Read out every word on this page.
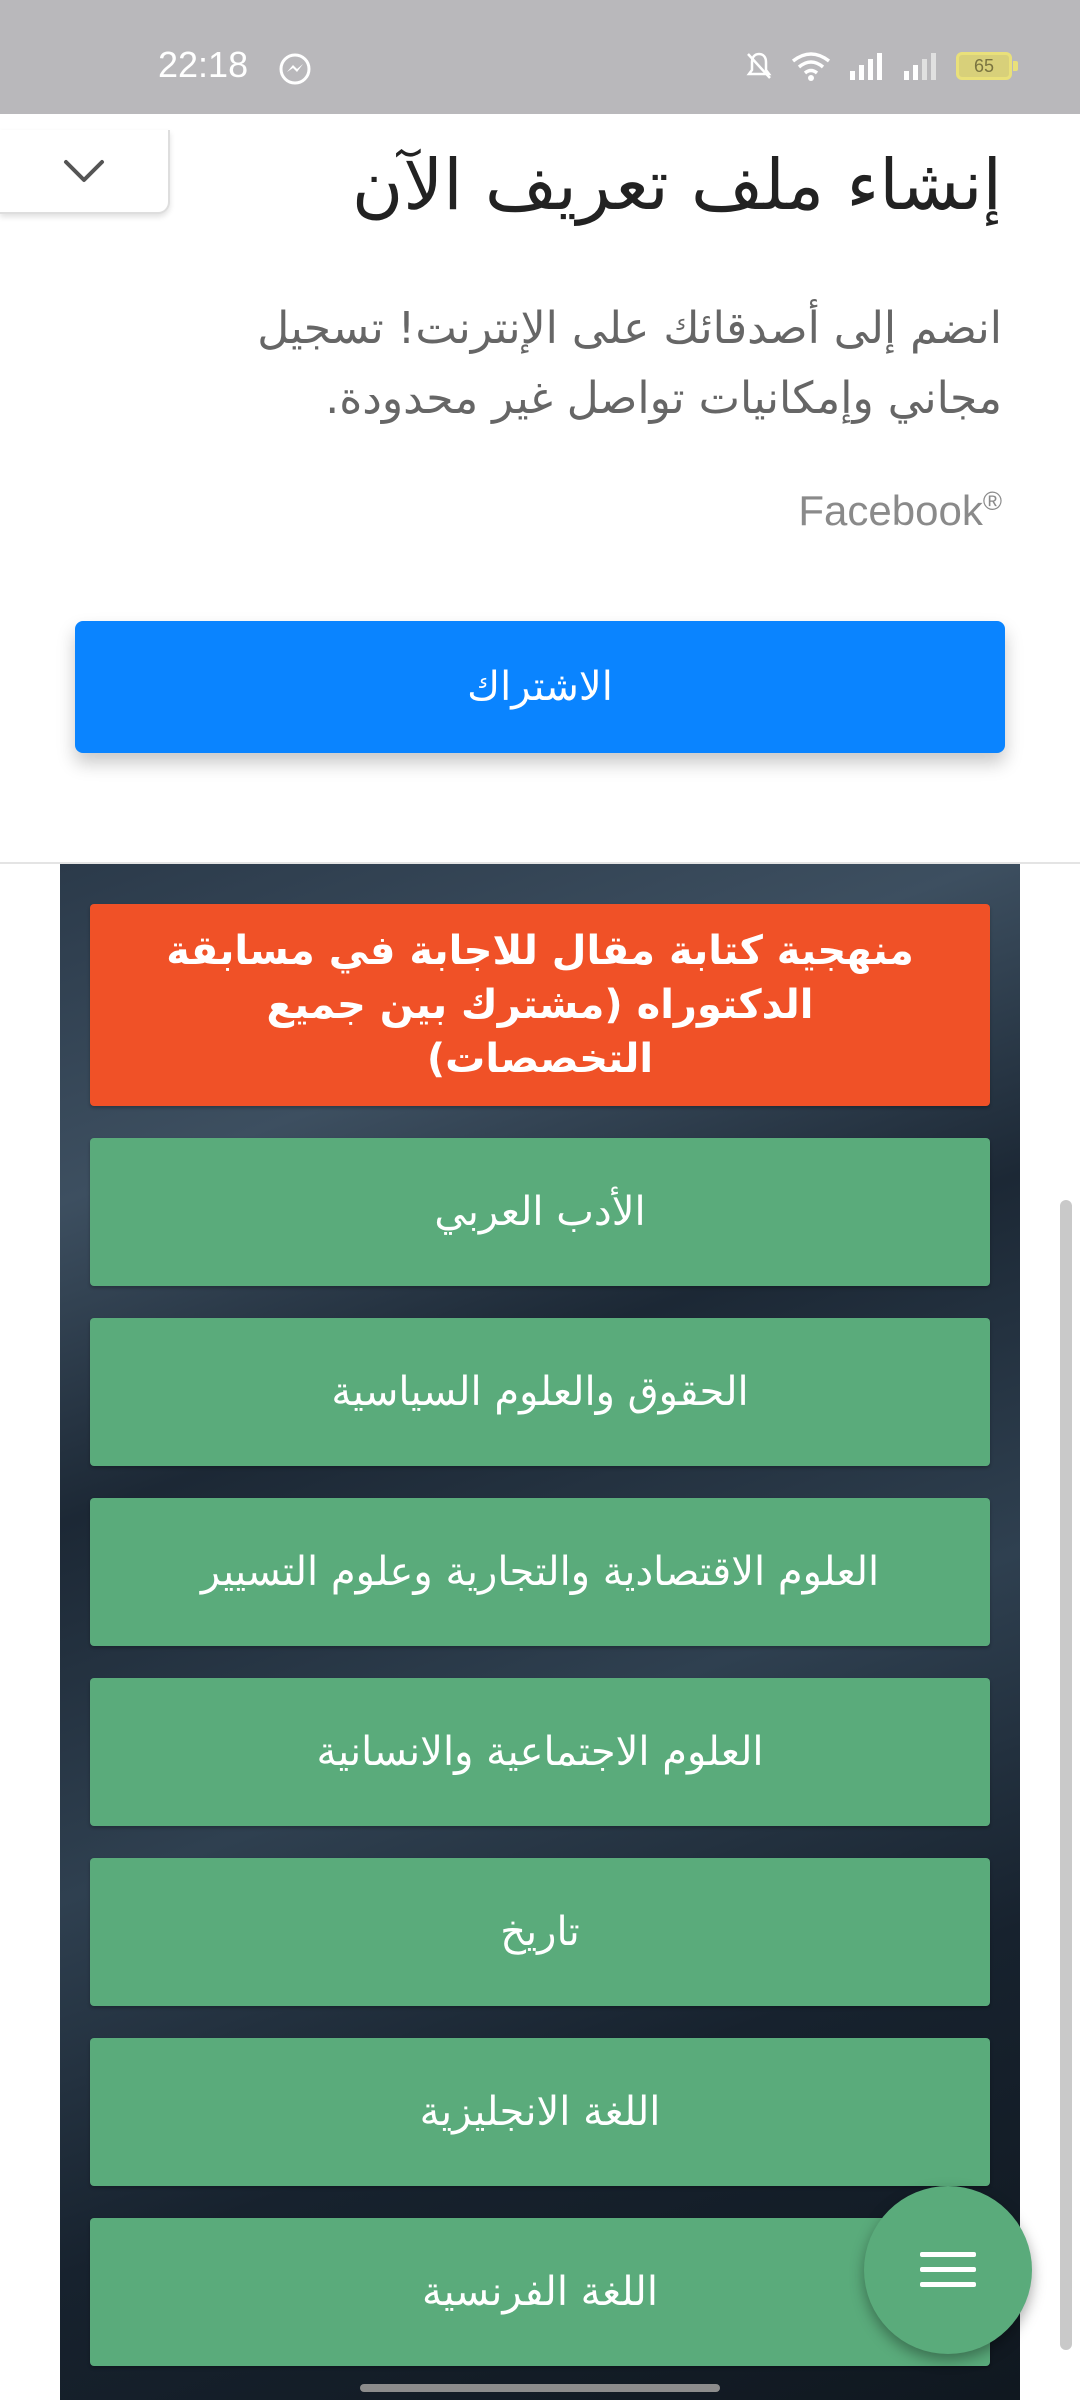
22:18	65
إنشاء ملف تعريف الآن
انضم إلى أصدقائك على الإنترنت! تسجيل مجاني وإمكانيات تواصل غير محدودة.
Facebook®
الاشتراك
منهجية كتابة مقال للاجابة في مسابقة الدكتوراه (مشترك بين جميع التخصصات)
الأدب العربي
الحقوق والعلوم السياسية
العلوم الاقتصادية والتجارية وعلوم التسيير
العلوم الاجتماعية والانسانية
تاريخ
اللغة الانجليزية
اللغة الفرنسية
